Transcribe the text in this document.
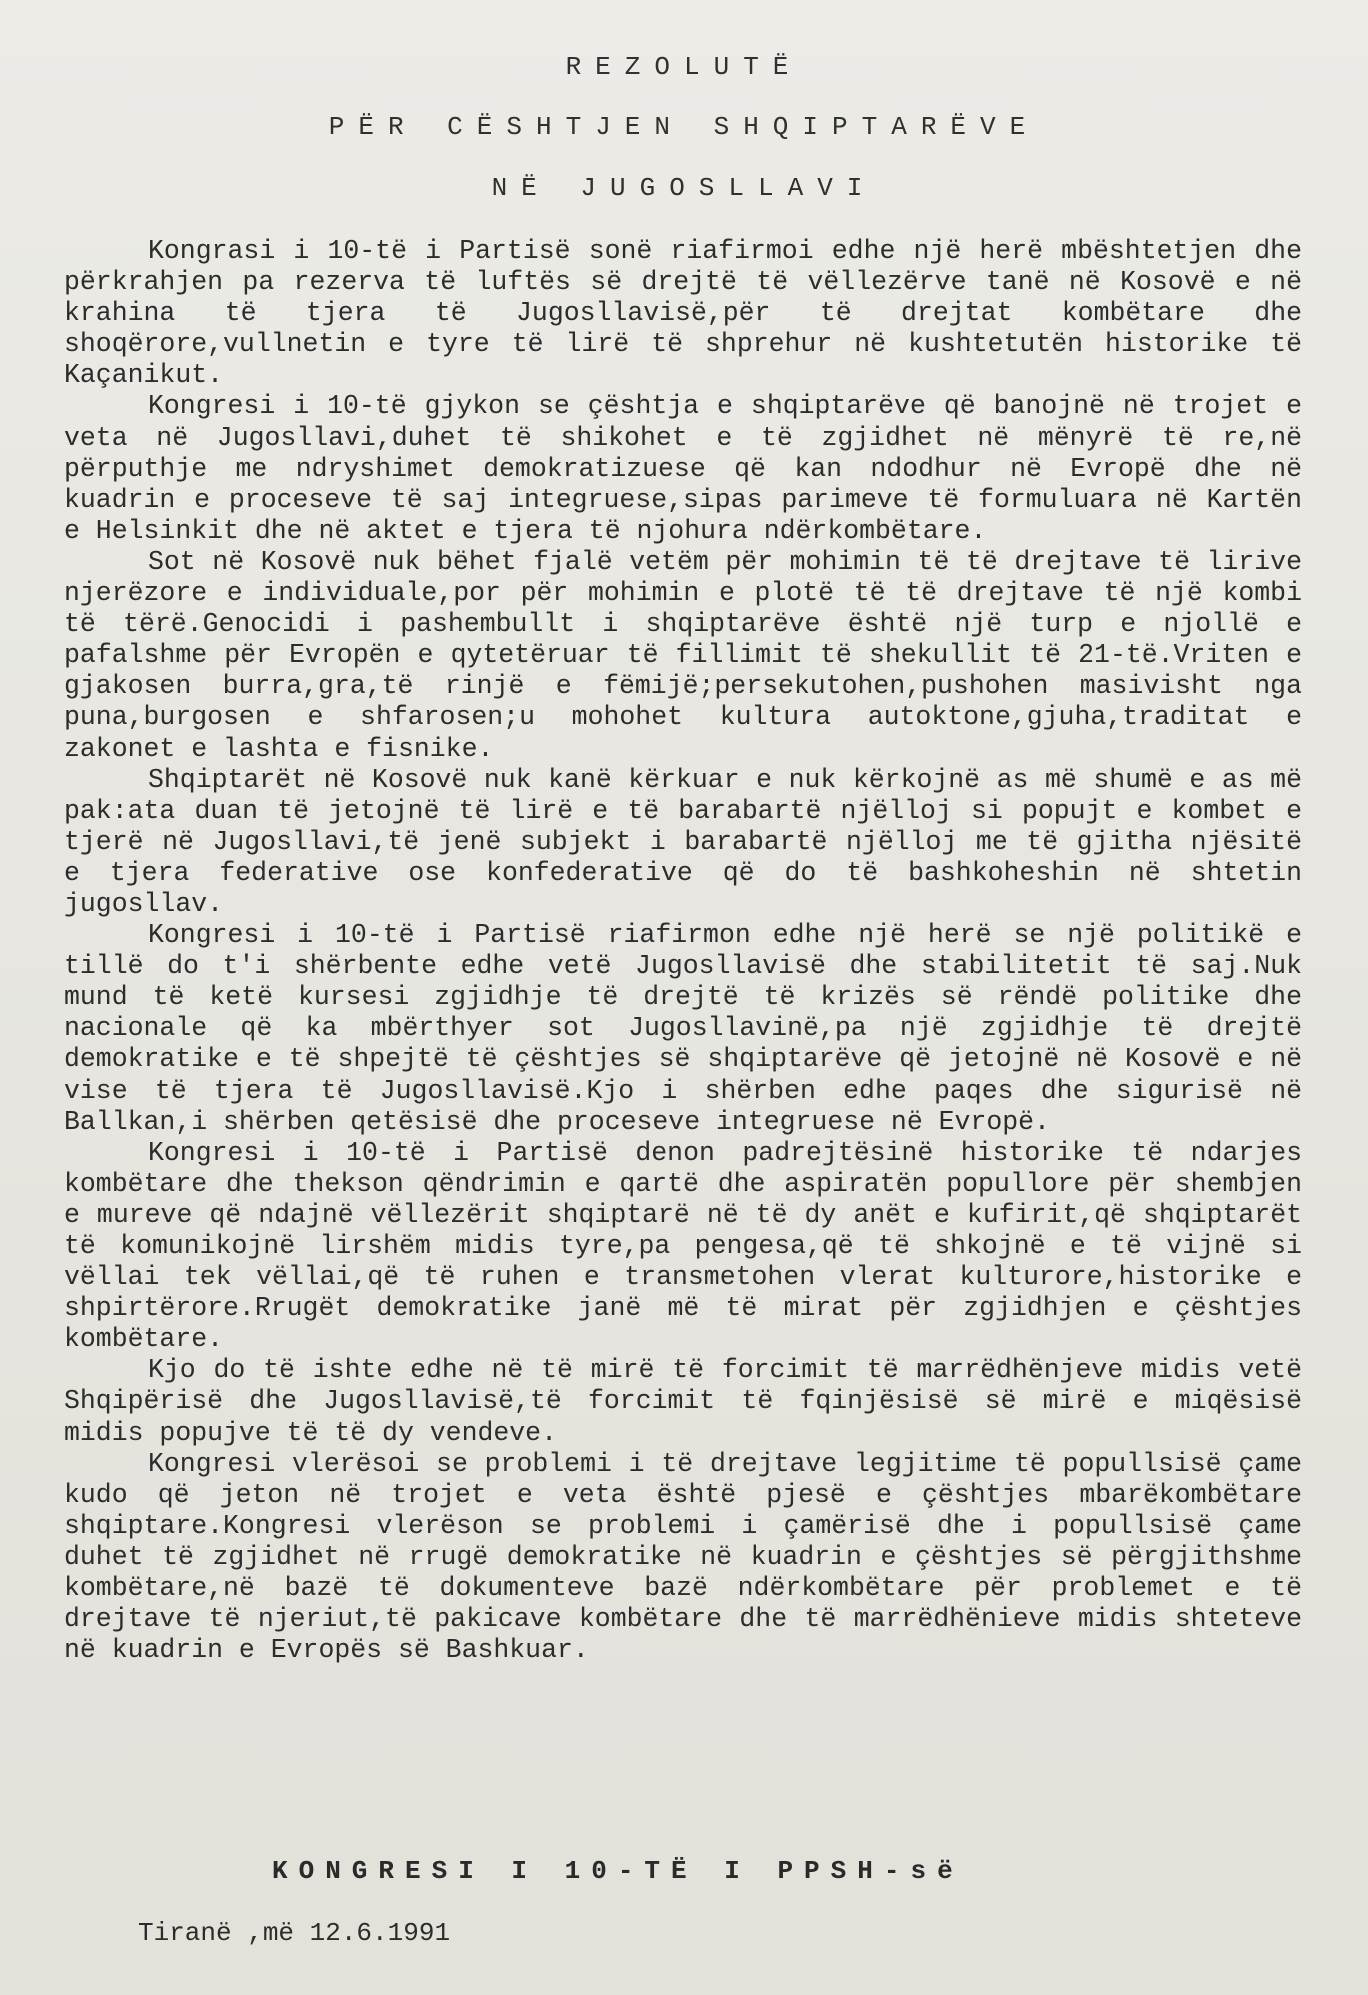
REZOLUTË
PËR CËSHTJEN SHQIPTARËVE
NË JUGOSLLAVI

Kongrasi i 10-të i Partisë sonë riafirmoi edhe një herë mbështetjen dhe përkrahjen pa rezerva të luftës së drejtë të vëllezërve tanë në Kosovë e në krahina të tjera të Jugosllavisë,për të drejtat kombëtare dhe shoqërore,vullnetin e tyre të lirë të shprehur në kushtetutën historike të Kaçanikut.

Kongresi i 10-të gjykon se çështja e shqiptarëve që banojnë në trojet e veta në Jugosllavi,duhet të shikohet e të zgjidhet në mënyrë të re,në përputhje me ndryshimet demokratizuese që kan ndodhur në Evropë dhe në kuadrin e proceseve të saj integruese,sipas parimeve të formuluara në Kartën e Helsinkit dhe në aktet e tjera të njohura ndërkombëtare.

Sot në Kosovë nuk bëhet fjalë vetëm për mohimin të të drejtave të lirive njerëzore e individuale,por për mohimin e plotë të të drejtave të një kombi të tërë.Genocidi i pashembullt i shqiptarëve është një turp e njollë e pafalshme për Evropën e qytetëruar të fillimit të shekullit të 21-të.Vriten e gjakosen burra,gra,të rinjë e fëmijë;persekutohen,pushohen masivisht nga puna,burgosen e shfarosen;u mohohet kultura autoktone,gjuha,traditat e zakonet e lashta e fisnike.

Shqiptarët në Kosovë nuk kanë kërkuar e nuk kërkojnë as më shumë e as më pak:ata duan të jetojnë të lirë e të barabartë njëlloj si popujt e kombet e tjerë në Jugosllavi,të jenë subjekt i barabartë njëlloj me të gjitha njësitë e tjera federative ose konfederative që do të bashkoheshin në shtetin jugosllav.

Kongresi i 10-të i Partisë riafirmon edhe një herë se një politikë e tillë do t'i shërbente edhe vetë Jugosllavisë dhe stabilitetit të saj.Nuk mund të ketë kursesi zgjidhje të drejtë të krizës së rëndë politike dhe nacionale që ka mbërthyer sot Jugosllavinë,pa një zgjidhje të drejtë demokratike e të shpejtë të çështjes së shqiptarëve që jetojnë në Kosovë e në vise të tjera të Jugosllavisë.Kjo i shërben edhe paqes dhe sigurisë në Ballkan,i shërben qetësisë dhe proceseve integruese në Evropë.

Kongresi i 10-të i Partisë denon padrejtësinë historike të ndarjes kombëtare dhe thekson qëndrimin e qartë dhe aspiratën popullore për shembjen e mureve që ndajnë vëllezërit shqiptarë në të dy anët e kufirit,që shqiptarët të komunikojnë lirshëm midis tyre,pa pengesa,që të shkojnë e të vijnë si vëllai tek vëllai,që të ruhen e transmetohen vlerat kulturore,historike e shpirtërore.Rrugët demokratike janë më të mirat për zgjidhjen e çështjes kombëtare.

Kjo do të ishte edhe në të mirë të forcimit të marrëdhënjeve midis vetë Shqipërisë dhe Jugosllavisë,të forcimit të fqinjësisë së mirë e miqësisë midis popujve të të dy vendeve.

Kongresi vlerësoi se problemi i të drejtave legjitime të popullsisë çame kudo që jeton në trojet e veta është pjesë e çështjes mbarëkombëtare shqiptare.Kongresi vlerëson se problemi i çamërisë dhe i popullsisë çame duhet të zgjidhet në rrugë demokratike në kuadrin e çështjes së përgjithshme kombëtare,në bazë të dokumenteve bazë ndërkombëtare për problemet e të drejtave të njeriut,të pakicave kombëtare dhe të marrëdhënieve midis shteteve në kuadrin e Evropës së Bashkuar.

KONGRESI I 10-TË I PPSH-së
Tiranë ,më 12.6.1991
